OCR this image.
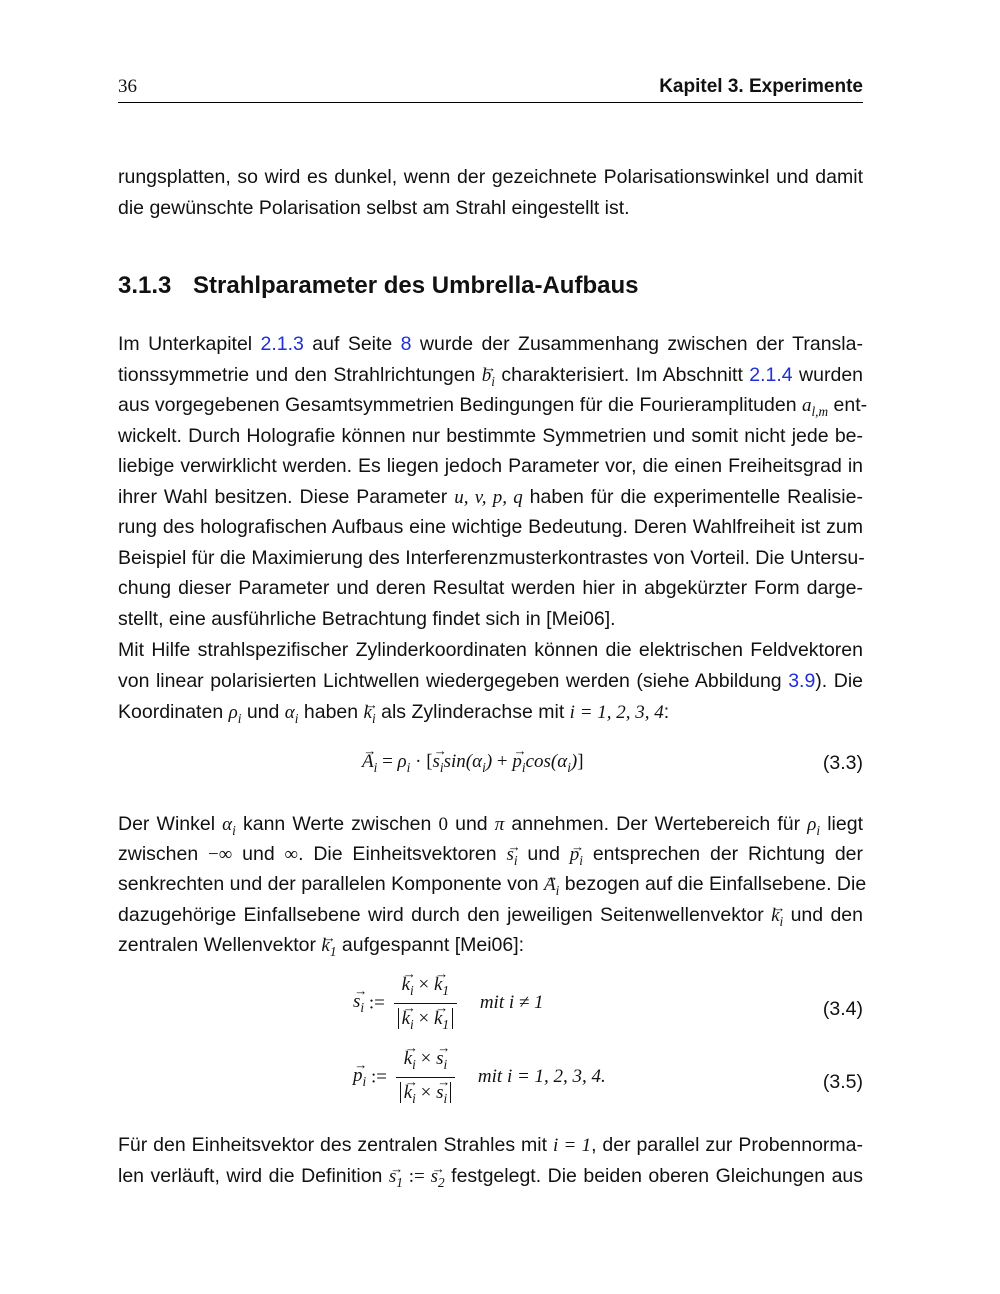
36	Kapitel 3. Experimente
rungsplatten, so wird es dunkel, wenn der gezeichnete Polarisationswinkel und damit
die gewünschte Polarisation selbst am Strahl eingestellt ist.
3.1.3 Strahlparameter des Umbrella-Aufbaus
Im Unterkapitel 2.1.3 auf Seite 8 wurde der Zusammenhang zwischen der Transla-
tionssymmetrie und den Strahlrichtungen → $b_i$ charakterisiert. Im Abschnitt 2.1.4 wurden
aus vorgegebenen Gesamtsymmetrien Bedingungen für die Fourieramplituden $a_{l,m}$ ent-
wickelt. Durch Holografie können nur bestimmte Symmetrien und somit nicht jede be-
liebige verwirklicht werden. Es liegen jedoch Parameter vor, die einen Freiheitsgrad in
ihrer Wahl besitzen. Diese Parameter u, v, p, q haben für die experimentelle Realisie-
rung des holografischen Aufbaus eine wichtige Bedeutung. Deren Wahlfreiheit ist zum
Beispiel für die Maximierung des Interferenzmusterkontrastes von Vorteil. Die Untersu-
chung dieser Parameter und deren Resultat werden hier in abgekürzter Form darge-
stellt, eine ausführliche Betrachtung findet sich in [Mei06].
Mit Hilfe strahlspezifischer Zylinderkoordinaten können die elektrischen Feldvektoren
von linear polarisierten Lichtwellen wiedergegeben werden (siehe Abbildung 3.9). Die
Koordinaten $\rho_i$ und $\alpha_i$ haben → $k_i$ als Zylinderachse mit i = 1, 2, 3, 4:
→ $A_i = \rho_i$ · [→ $s_i\sin(\alpha_i)$ + → $p_i\cos(\alpha_i)$]	(3.3)
Der Winkel $\alpha_i$ kann Werte zwischen 0 und π annehmen. Der Wertebereich für $\rho_i$ liegt
zwischen −∞ und ∞. Die Einheitsvektoren → $s_i$ und → $p_i$ entsprechen der Richtung der
senkrechten und der parallelen Komponente von → $A_i$ bezogen auf die Einfallsebene. Die
dazugehörige Einfallsebene wird durch den jeweiligen Seitenwellenvektor → $k_i$ und den
zentralen Wellenvektor → $k_1$ aufgespannt [Mei06]:
→ $s_i$ := → $k_i$ × → $k_1$
→ $k_i$ × → $k_1$ mit i ≠ 1	(3.4)
→ $p_i$ := → $k_i$ × → $s_i$
→ $k_i$ × → $s_i$ mit i = 1, 2, 3, 4.	(3.5)
Für den Einheitsvektor des zentralen Strahles mit i = 1, der parallel zur Probennorma-
len verläuft, wird die Definition → $s_1$ := → $s_2$ festgelegt. Die beiden oberen Gleichungen aus
